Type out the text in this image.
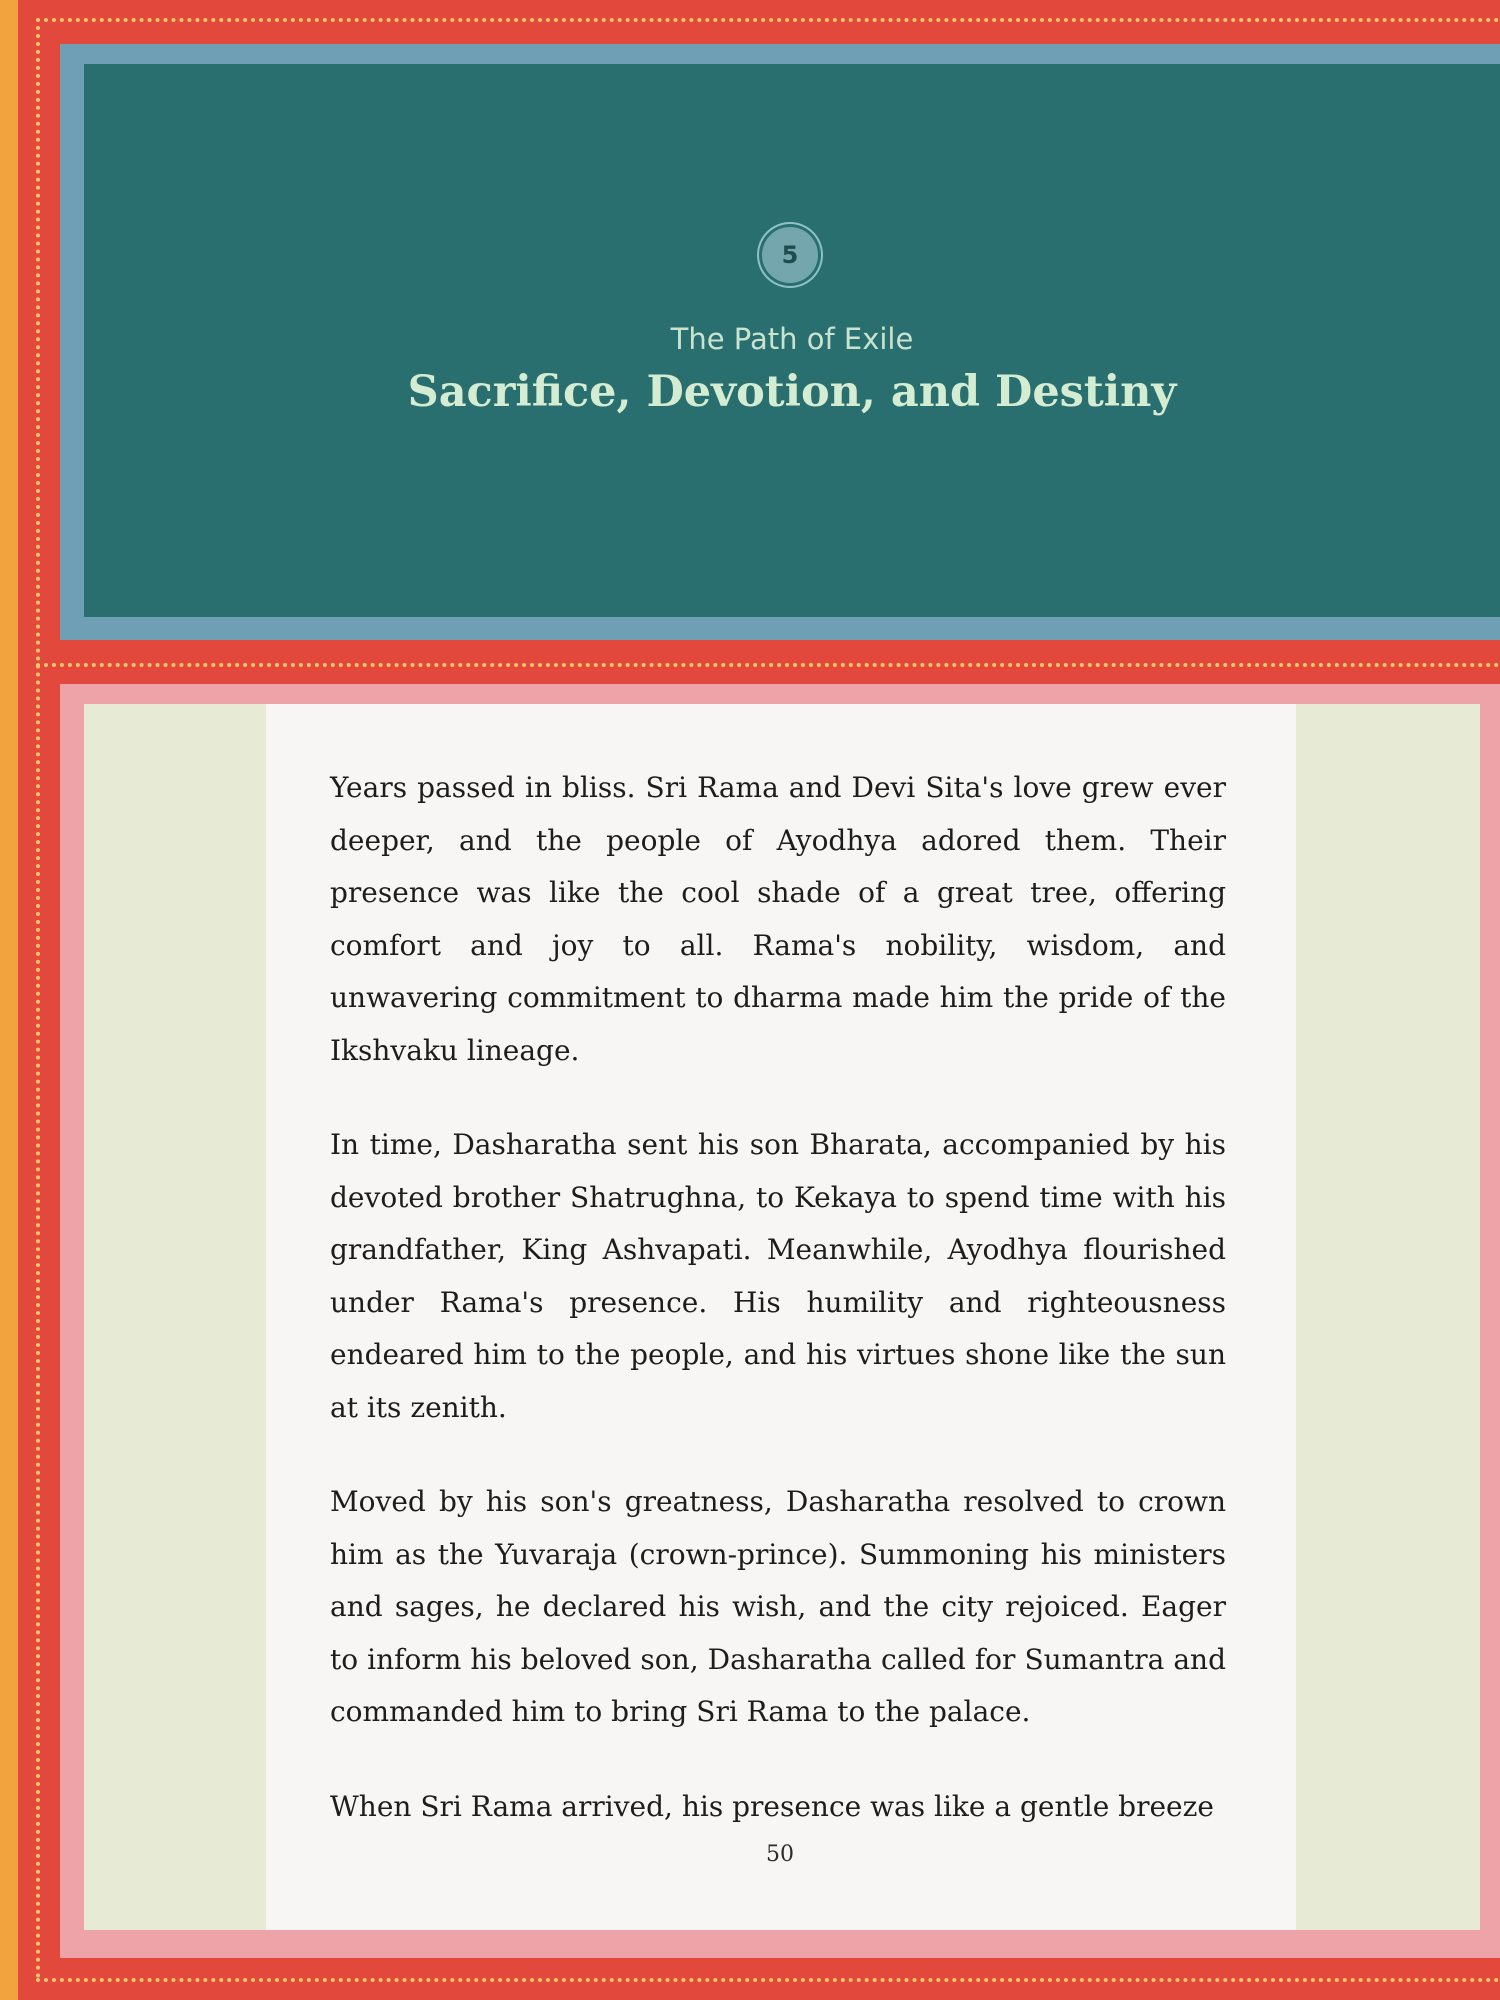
5
The Path of Exile
Sacrifice, Devotion, and Destiny

Years passed in bliss. Sri Rama and Devi Sita's love grew ever deeper, and the people of Ayodhya adored them. Their presence was like the cool shade of a great tree, offering comfort and joy to all. Rama's nobility, wisdom, and unwavering commitment to dharma made him the pride of the Ikshvaku lineage.

In time, Dasharatha sent his son Bharata, accompanied by his devoted brother Shatrughna, to Kekaya to spend time with his grandfather, King Ashvapati. Meanwhile, Ayodhya flourished under Rama's presence. His humility and righteousness endeared him to the people, and his virtues shone like the sun at its zenith.

Moved by his son's greatness, Dasharatha resolved to crown him as the Yuvaraja (crown-prince). Summoning his ministers and sages, he declared his wish, and the city rejoiced. Eager to inform his beloved son, Dasharatha called for Sumantra and commanded him to bring Sri Rama to the palace.

When Sri Rama arrived, his presence was like a gentle breeze

50
